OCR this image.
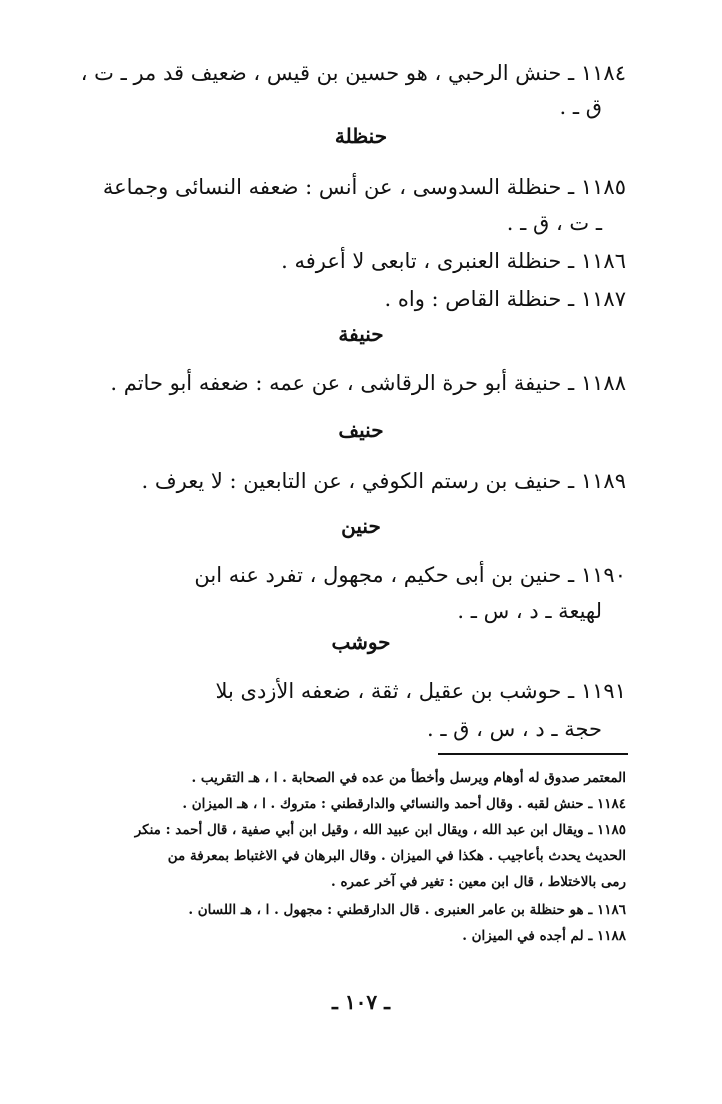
١١٨٤ ـ حنش الرحبي ، هو حسين بن قيس ، ضعيف قد مر ـ ت ،
ق ـ .
حنظلة
١١٨٥ ـ حنظلة السدوسى ، عن أنس : ضعفه النسائى وجماعة
ـ ت ، ق ـ .
١١٨٦ ـ حنظلة العنبرى ، تابعى لا أعرفه .
١١٨٧ ـ حنظلة القاص : واه .
حنيفة
١١٨٨ ـ حنيفة أبو حرة الرقاشى ، عن عمه : ضعفه أبو حاتم .
حنيف
١١٨٩ ـ حنيف بن رستم الكوفي ، عن التابعين : لا يعرف .
حنين
١١٩٠ ـ حنين بن أبى حكيم ، مجهول ، تفرد عنه ابن
لهيعة ـ د ، س ـ .
حوشب
١١٩١ ـ حوشب بن عقيل ، ثقة ، ضعفه الأزدى بلا
حجة ـ د ، س ، ق ـ .
المعتمر صدوق له أوهام ويرسل وأخطأ من عده في الصحابة . ا ، هـ التقريب .
١١٨٤ ـ حنش لقبه . وقال أحمد والنسائي والدارقطني : متروك . ا ، هـ الميزان .
١١٨٥ ـ ويقال ابن عبد الله ، ويقال ابن عبيد الله ، وقيل ابن أبي صفية ، قال أحمد : منكر
الحديث يحدث بأعاجيب . هكذا في الميزان . وقال البرهان في الاغتباط بمعرفة من
رمى بالاختلاط ، قال ابن معين : تغير في آخر عمره .
١١٨٦ ـ هو حنظلة بن عامر العنبرى . قال الدارقطني : مجهول . ا ، هـ اللسان .
١١٨٨ ـ لم أجده في الميزان .
ـ ١٠٧ ـ
